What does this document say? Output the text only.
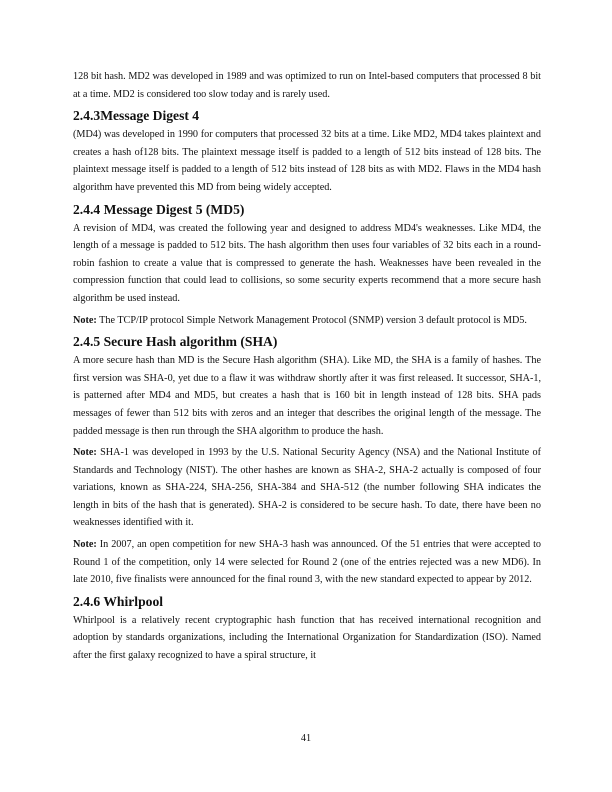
128 bit hash. MD2 was developed in 1989 and was optimized to run on Intel-based computers that processed 8 bit at a time. MD2 is considered too slow today and is rarely used.

2.4.3Message Digest 4

(MD4) was developed in 1990 for computers that processed 32 bits at a time. Like MD2, MD4 takes plaintext and creates a hash of128 bits. The plaintext message itself is padded to a length of 512 bits instead of 128 bits. The plaintext message itself is padded to a length of 512 bits instead of 128 bits as with MD2. Flaws in the MD4 hash algorithm have prevented this MD from being widely accepted.

2.4.4 Message Digest 5 (MD5)

A revision of MD4, was created the following year and designed to address MD4's weaknesses. Like MD4, the length of a message is padded to 512 bits. The hash algorithm then uses four variables of 32 bits each in a round-robin fashion to create a value that is compressed to generate the hash. Weaknesses have been revealed in the compression function that could lead to collisions, so some security experts recommend that a more secure hash algorithm be used instead.

Note: The TCP/IP protocol Simple Network Management Protocol (SNMP) version 3 default protocol is MD5.

2.4.5 Secure Hash algorithm (SHA)

A more secure hash than MD is the Secure Hash algorithm (SHA). Like MD, the SHA is a family of hashes. The first version was SHA-0, yet due to a flaw it was withdraw shortly after it was first released. It successor, SHA-1, is patterned after MD4 and MD5, but creates a hash that is 160 bit in length instead of 128 bits. SHA pads messages of fewer than 512 bits with zeros and an integer that describes the original length of the message. The padded message is then run through the SHA algorithm to produce the hash.

Note: SHA-1 was developed in 1993 by the U.S. National Security Agency (NSA) and the National Institute of Standards and Technology (NIST). The other hashes are known as SHA-2, SHA-2 actually is composed of four variations, known as SHA-224, SHA-256, SHA-384 and SHA-512 (the number following SHA indicates the length in bits of the hash that is generated). SHA-2 is considered to be secure hash. To date, there have been no weaknesses identified with it.

Note: In 2007, an open competition for new SHA-3 hash was announced. Of the 51 entries that were accepted to Round 1 of the competition, only 14 were selected for Round 2 (one of the entries rejected was a new MD6). In late 2010, five finalists were announced for the final round 3, with the new standard expected to appear by 2012.

2.4.6 Whirlpool

Whirlpool is a relatively recent cryptographic hash function that has received international recognition and adoption by standards organizations, including the International Organization for Standardization (ISO). Named after the first galaxy recognized to have a spiral structure, it

41
